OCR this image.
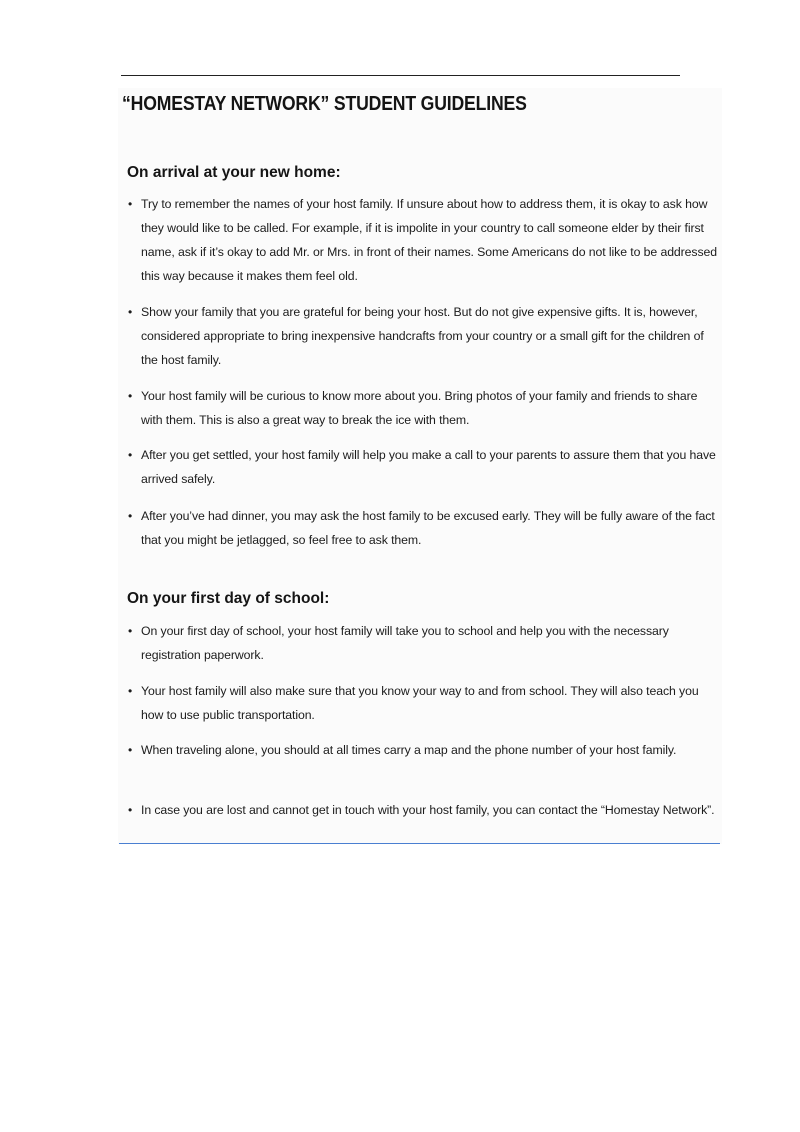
“HOMESTAY NETWORK” STUDENT GUIDELINES
On arrival at your new home:

• Try to remember the names of your host family. If unsure about how to address them, it is okay to ask how they would like to be called. For example, if it is impolite in your country to call someone elder by their first name, ask if it’s okay to add Mr. or Mrs. in front of their names. Some Americans do not like to be addressed this way because it makes them feel old.

• Show your family that you are grateful for being your host. But do not give expensive gifts. It is, however, considered appropriate to bring inexpensive handcrafts from your country or a small gift for the children of the host family.

• Your host family will be curious to know more about you. Bring photos of your family and friends to share with them. This is also a great way to break the ice with them.

• After you get settled, your host family will help you make a call to your parents to assure them that you have arrived safely.

• After you’ve had dinner, you may ask the host family to be excused early. They will be fully aware of the fact that you might be jetlagged, so feel free to ask them.

On your first day of school:

• On your first day of school, your host family will take you to school and help you with the necessary registration paperwork.

• Your host family will also make sure that you know your way to and from school. They will also teach you how to use public transportation.

• When traveling alone, you should at all times carry a map and the phone number of your host family.

• In case you are lost and cannot get in touch with your host family, you can contact the “Homestay Network”.
